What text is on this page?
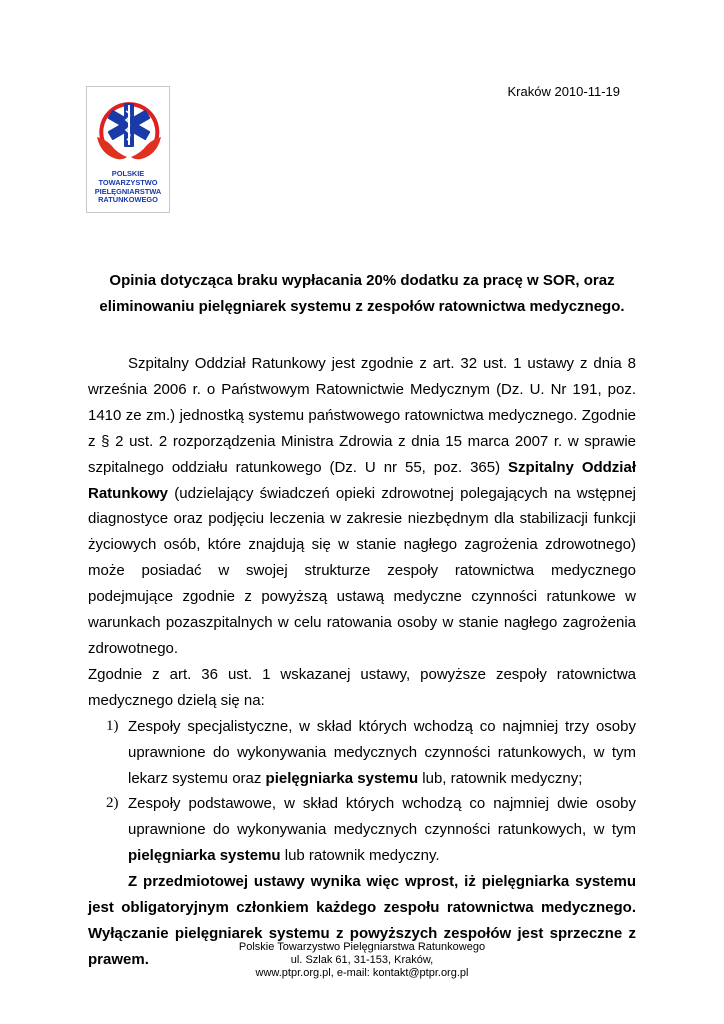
Kraków 2010-11-19
POLSKIE
TOWARZYSTWO
PIELĘGNIARSTWA
RATUNKOWEGO
Opinia dotycząca braku wypłacania 20% dodatku za pracę w SOR, oraz
eliminowaniu pielęgniarek systemu z zespołów ratownictwa medycznego.

Szpitalny Oddział Ratunkowy jest zgodnie z art. 32 ust. 1 ustawy z dnia 8 września 2006 r. o Państwowym Ratownictwie Medycznym (Dz. U. Nr 191, poz. 1410 ze zm.) jednostką systemu państwowego ratownictwa medycznego. Zgodnie z § 2 ust. 2 rozporządzenia Ministra Zdrowia z dnia 15 marca 2007 r. w sprawie szpitalnego oddziału ratunkowego (Dz. U nr 55, poz. 365) Szpitalny Oddział Ratunkowy (udzielający świadczeń opieki zdrowotnej polegających na wstępnej diagnostyce oraz podjęciu leczenia w zakresie niezbędnym dla stabilizacji funkcji życiowych osób, które znajdują się w stanie nagłego zagrożenia zdrowotnego) może posiadać w swojej strukturze zespoły ratownictwa medycznego podejmujące zgodnie z powyższą ustawą medyczne czynności ratunkowe w warunkach pozaszpitalnych w celu ratowania osoby w stanie nagłego zagrożenia zdrowotnego.

Zgodnie z art. 36 ust. 1 wskazanej ustawy, powyższe zespoły ratownictwa medycznego dzielą się na:

1) Zespoły specjalistyczne, w skład których wchodzą co najmniej trzy osoby uprawnione do wykonywania medycznych czynności ratunkowych, w tym lekarz systemu oraz pielęgniarka systemu lub, ratownik medyczny;
2) Zespoły podstawowe, w skład których wchodzą co najmniej dwie osoby uprawnione do wykonywania medycznych czynności ratunkowych, w tym pielęgniarka systemu lub ratownik medyczny.

Z przedmiotowej ustawy wynika więc wprost, iż pielęgniarka systemu jest obligatoryjnym członkiem każdego zespołu ratownictwa medycznego. Wyłączanie pielęgniarek systemu z powyższych zespołów jest sprzeczne z prawem.

Polskie Towarzystwo Pielęgniarstwa Ratunkowego
ul. Szlak 61, 31-153, Kraków,
www.ptpr.org.pl, e-mail: kontakt@ptpr.org.pl
